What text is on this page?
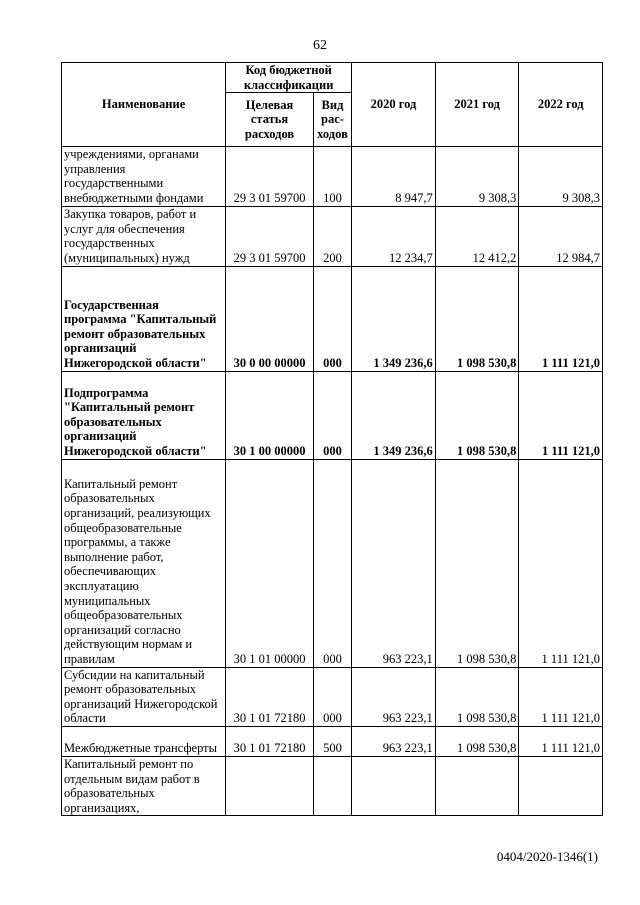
62
Наименование	Код бюджетной классификации		2020 год	2021 год	2022 год
	Целевая статья расходов	Вид рас-ходов			
учреждениями, органами управления государственными внебюджетными фондами	29 3 01 59700	100	8 947,7	9 308,3	9 308,3
Закупка товаров, работ и услуг для обеспечения государственных (муниципальных) нужд	29 3 01 59700	200	12 234,7	12 412,2	12 984,7
Государственная программа "Капитальный ремонт образовательных организаций Нижегородской области"	30 0 00 00000	000	1 349 236,6	1 098 530,8	1 111 121,0
Подпрограмма "Капитальный ремонт образовательных организаций Нижегородской области"	30 1 00 00000	000	1 349 236,6	1 098 530,8	1 111 121,0
Капитальный ремонт образовательных организаций, реализующих общеобразовательные программы, а также выполнение работ, обеспечивающих эксплуатацию муниципальных общеобразовательных организаций согласно действующим нормам и правилам	30 1 01 00000	000	963 223,1	1 098 530,8	1 111 121,0
Субсидии на капитальный ремонт образовательных организаций Нижегородской области	30 1 01 72180	000	963 223,1	1 098 530,8	1 111 121,0
Межбюджетные трансферты	30 1 01 72180	500	963 223,1	1 098 530,8	1 111 121,0
Капитальный ремонт по отдельным видам работ в образовательных организациях,					
0404/2020-1346(1)
